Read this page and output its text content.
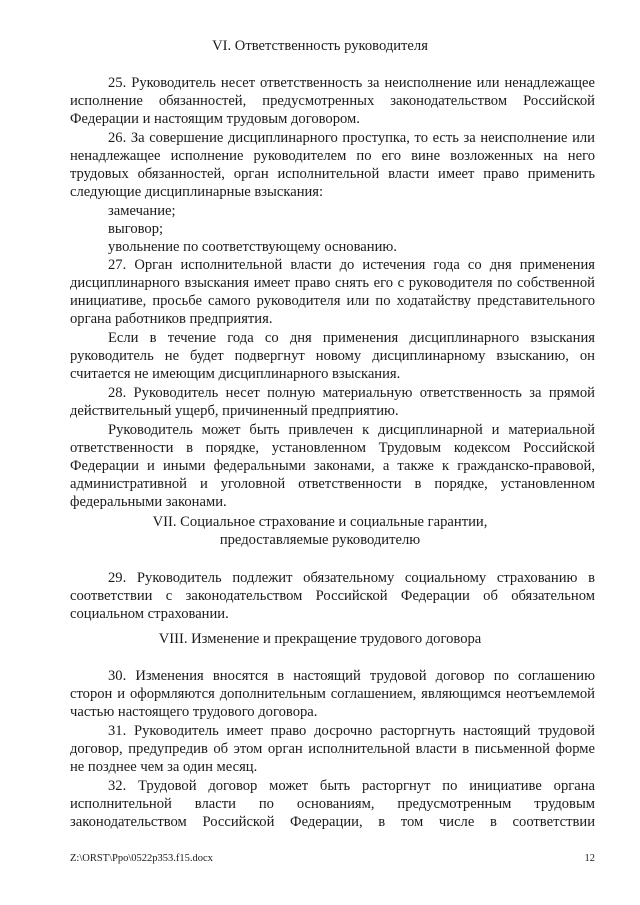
VI. Ответственность руководителя

25. Руководитель несет ответственность за неисполнение или ненадлежащее исполнение обязанностей, предусмотренных законодательством Российской Федерации и настоящим трудовым договором.

26. За совершение дисциплинарного проступка, то есть за неисполнение или ненадлежащее исполнение руководителем по его вине возложенных на него трудовых обязанностей, орган исполнительной власти имеет право применить следующие дисциплинарные взыскания:

замечание;

выговор;

увольнение по соответствующему основанию.

27. Орган исполнительной власти до истечения года со дня применения дисциплинарного взыскания имеет право снять его с руководителя по собственной инициативе, просьбе самого руководителя или по ходатайству представительного органа работников предприятия.

Если в течение года со дня применения дисциплинарного взыскания руководитель не будет подвергнут новому дисциплинарному взысканию, он считается не имеющим дисциплинарного взыскания.

28. Руководитель несет полную материальную ответственность за прямой действительный ущерб, причиненный предприятию.

Руководитель может быть привлечен к дисциплинарной и материальной ответственности в порядке, установленном Трудовым кодексом Российской Федерации и иными федеральными законами, а также к гражданско-правовой, административной и уголовной ответственности в порядке, установленном федеральными законами.

VII. Социальное страхование и социальные гарантии,
предоставляемые руководителю

29. Руководитель подлежит обязательному социальному страхованию в соответствии с законодательством Российской Федерации об обязательном социальном страховании.

VIII. Изменение и прекращение трудового договора

30. Изменения вносятся в настоящий трудовой договор по соглашению сторон и оформляются дополнительным соглашением, являющимся неотъемлемой частью настоящего трудового договора.

31. Руководитель имеет право досрочно расторгнуть настоящий трудовой договор, предупредив об этом орган исполнительной власти в письменной форме не позднее чем за один месяц.

32. Трудовой договор может быть расторгнут по инициативе органа исполнительной власти по основаниям, предусмотренным трудовым законодательством Российской Федерации, в том числе в соответствии

Z:\ORST\Ppo\0522p353.f15.docx	12
